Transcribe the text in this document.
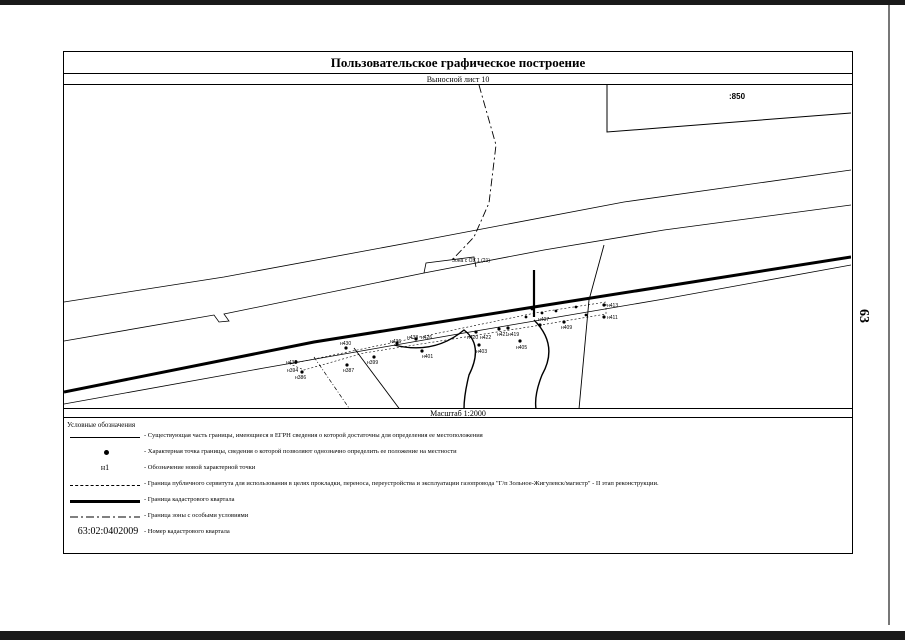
63
Пользовательское графическое построение
Выносной лист 10
:850
Зона с ОУ 1 (21)
н435
н394
н386
н430
н387
н399
н436
н438 н426
н401
н420 н422
н403
н421 н419
н405
н407
н409
н413
н411
Масштаб 1:2000
Условные обозначения
- Существующая часть границы, имеющиеся в ЕГРН сведения о которой достаточны для определения ее местоположения
- Характерная точка границы, сведения о которой позволяют однозначно определить ее положение на местности
н1	- Обозначение новой характерной точки
- Граница публичного сервитута для использования в целях прокладки, переноса, переустройства и эксплуатации газопровода "Г/п Зольное-Жигулевск/магистр" - II этап реконструкции.
- Граница кадастрового квартала
- Граница зоны с особыми условиями
63:02:0402009 - Номер кадастрового квартала
